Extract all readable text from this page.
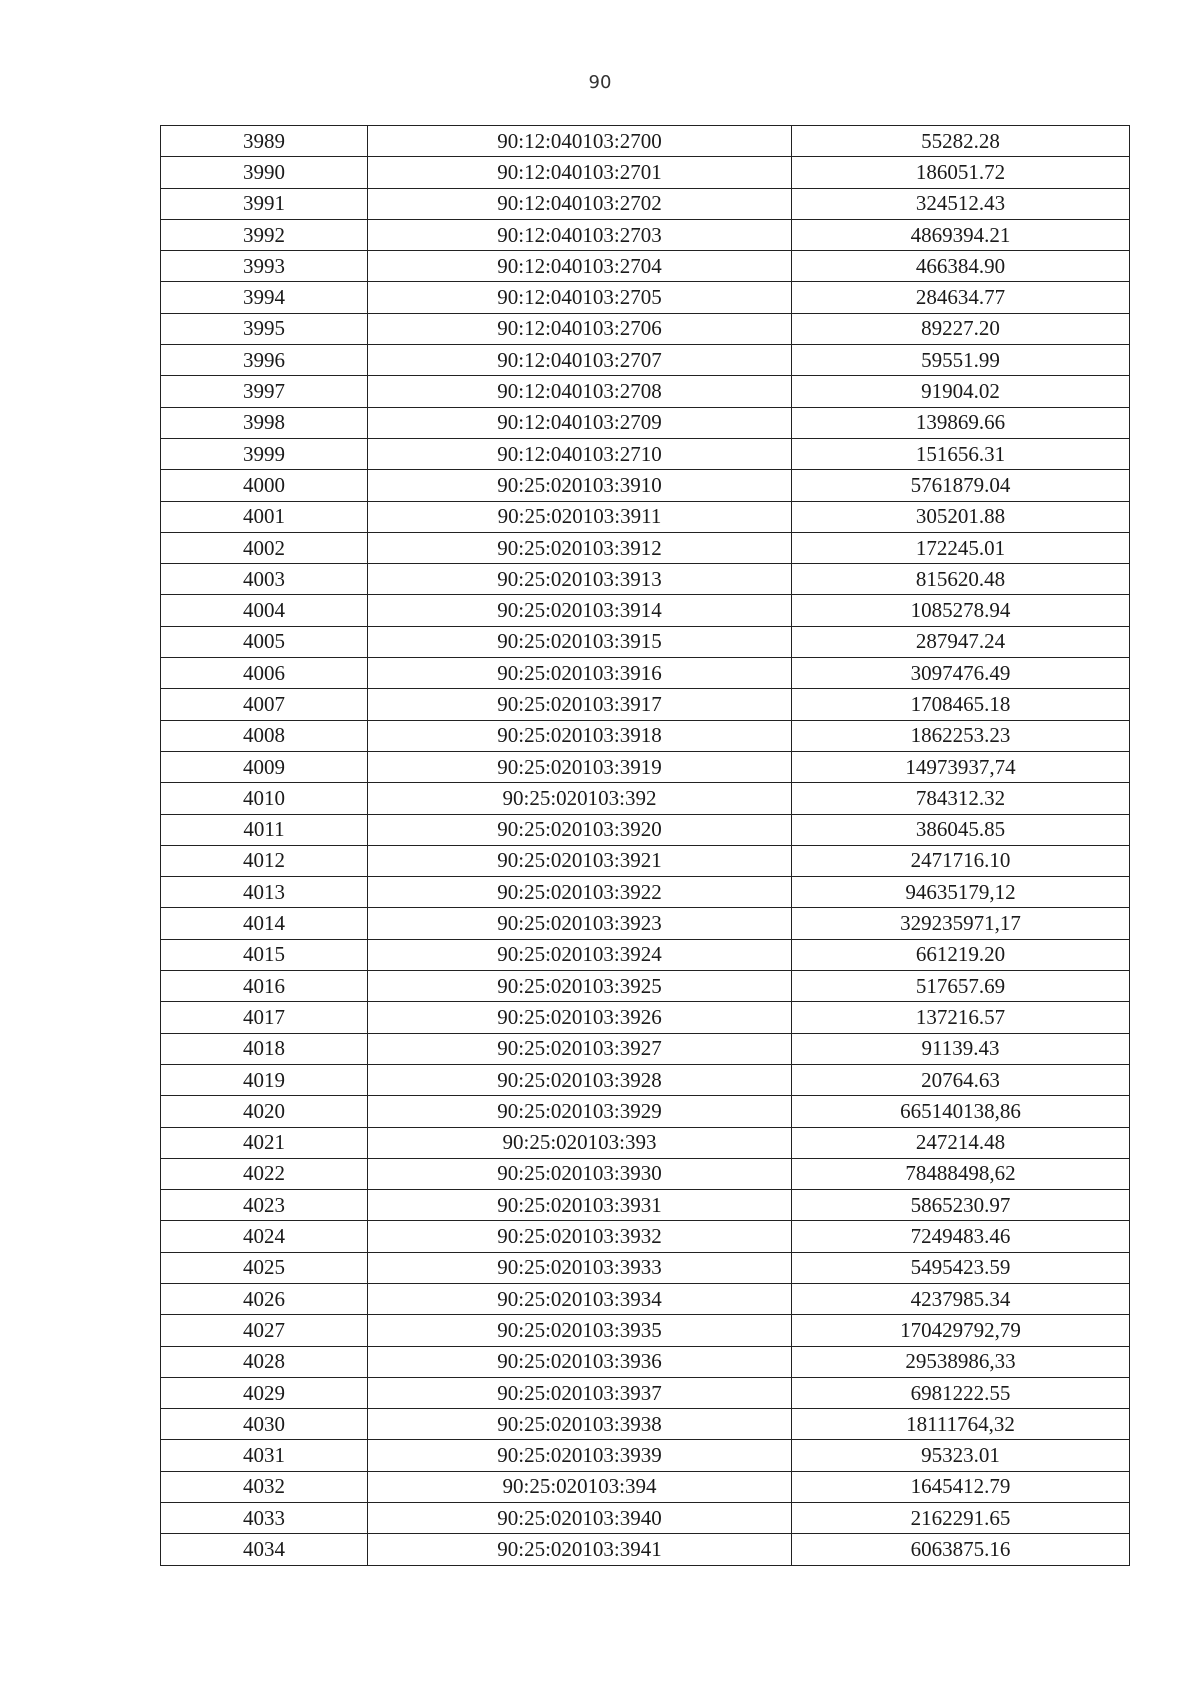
90
3989	90:12:040103:2700	55282.28
3990	90:12:040103:2701	186051.72
3991	90:12:040103:2702	324512.43
3992	90:12:040103:2703	4869394.21
3993	90:12:040103:2704	466384.90
3994	90:12:040103:2705	284634.77
3995	90:12:040103:2706	89227.20
3996	90:12:040103:2707	59551.99
3997	90:12:040103:2708	91904.02
3998	90:12:040103:2709	139869.66
3999	90:12:040103:2710	151656.31
4000	90:25:020103:3910	5761879.04
4001	90:25:020103:3911	305201.88
4002	90:25:020103:3912	172245.01
4003	90:25:020103:3913	815620.48
4004	90:25:020103:3914	1085278.94
4005	90:25:020103:3915	287947.24
4006	90:25:020103:3916	3097476.49
4007	90:25:020103:3917	1708465.18
4008	90:25:020103:3918	1862253.23
4009	90:25:020103:3919	14973937,74
4010	90:25:020103:392	784312.32
4011	90:25:020103:3920	386045.85
4012	90:25:020103:3921	2471716.10
4013	90:25:020103:3922	94635179,12
4014	90:25:020103:3923	329235971,17
4015	90:25:020103:3924	661219.20
4016	90:25:020103:3925	517657.69
4017	90:25:020103:3926	137216.57
4018	90:25:020103:3927	91139.43
4019	90:25:020103:3928	20764.63
4020	90:25:020103:3929	665140138,86
4021	90:25:020103:393	247214.48
4022	90:25:020103:3930	78488498,62
4023	90:25:020103:3931	5865230.97
4024	90:25:020103:3932	7249483.46
4025	90:25:020103:3933	5495423.59
4026	90:25:020103:3934	4237985.34
4027	90:25:020103:3935	170429792,79
4028	90:25:020103:3936	29538986,33
4029	90:25:020103:3937	6981222.55
4030	90:25:020103:3938	18111764,32
4031	90:25:020103:3939	95323.01
4032	90:25:020103:394	1645412.79
4033	90:25:020103:3940	2162291.65
4034	90:25:020103:3941	6063875.16
